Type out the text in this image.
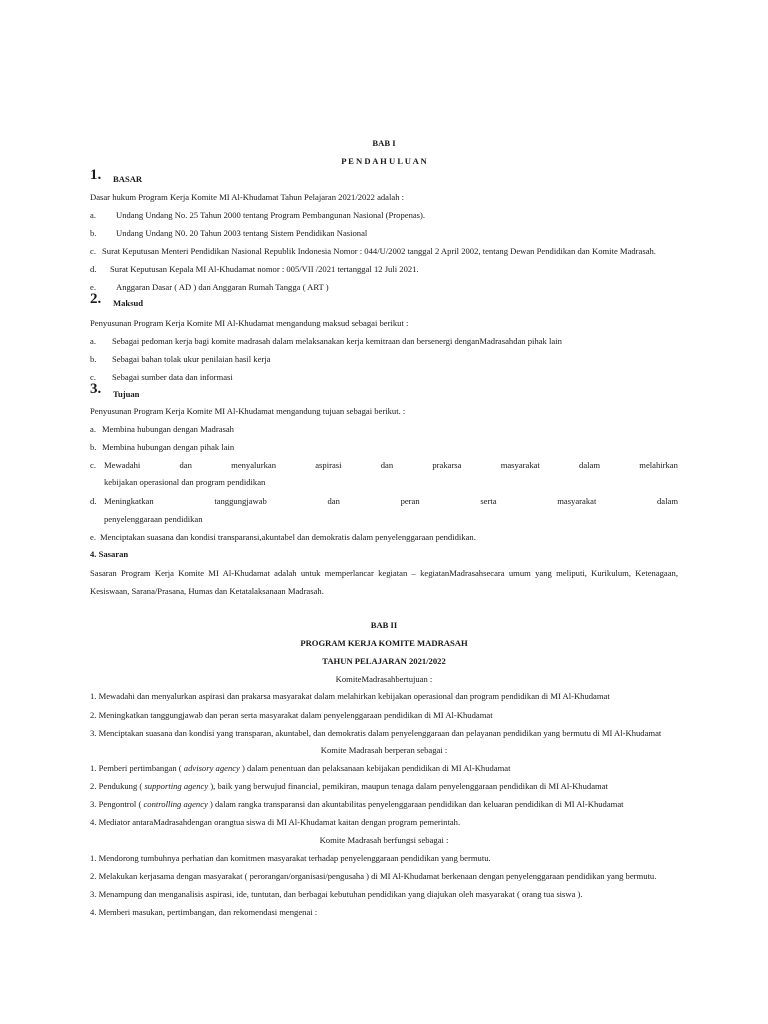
BAB I
P E N D A H U L U A N
1. BASAR
Dasar hukum Program Kerja Komite MI Al-Khudamat Tahun Pelajaran 2021/2022 adalah :
a. Undang Undang No. 25 Tahun 2000 tentang Program Pembangunan Nasional (Propenas).
b. Undang Undang N0. 20 Tahun 2003 tentang Sistem Pendidikan Nasional
c. Surat Keputusan Menteri Pendidikan Nasional Republik Indonesia Nomor : 044/U/2002 tanggal 2 April 2002, tentang Dewan Pendidikan dan Komite Madrasah.
d. Surat Keputusan Kepala MI Al-Khudamat nomor : 005/VII /2021 tertanggal 12 Juli 2021.
e. Anggaran Dasar ( AD ) dan Anggaran Rumah Tangga ( ART )
2. Maksud
Penyusunan Program Kerja Komite MI Al-Khudamat mengandung maksud sebagai berikut :
a. Sebagai pedoman kerja bagi komite madrasah dalam melaksanakan kerja kemitraan dan bersenergi denganMadrasahdan pihak lain
b. Sebagai bahan tolak ukur penilaian hasil kerja
c. Sebagai sumber data dan informasi
3. Tujuan
Penyusunan Program Kerja Komite MI Al-Khudamat mengandung tujuan sebagai berikut. :
a. Membina hubungan dengan Madrasah
b. Membina hubungan dengan pihak lain
c. Mewadahi	dan	menyalurkan	aspirasi	dan	prakarsa	masyarakat	dalam	melahirkan
kebijakan operasional dan program pendidikan
d. Meningkatkan	tanggungjawab	dan	peran	serta	masyarakat	dalam
penyelenggaraan pendidikan
e. Menciptakan suasana dan kondisi transparansi,akuntabel dan demokratis dalam penyelenggaraan pendidikan.
4. Sasaran
Sasaran Program Kerja Komite MI Al-Khudamat adalah untuk memperlancar kegiatan – kegiatanMadrasahsecara umum yang meliputi, Kurikulum, Ketenagaan,
Kesiswaan, Sarana/Prasana, Humas dan Ketatalaksanaan Madrasah.
BAB II
PROGRAM KERJA KOMITE MADRASAH
TAHUN PELAJARAN 2021/2022
KomiteMadrasahbertujuan :
1. Mewadahi dan menyalurkan aspirasi dan prakarsa masyarakat dalam melahirkan kebijakan operasional dan program pendidikan di MI Al-Khudamat
2. Meningkatkan tanggungjawab dan peran serta masyarakat dalam penyelenggaraan pendidikan di MI Al-Khudamat
3. Menciptakan suasana dan kondisi yang transparan, akuntabel, dan demokratis dalam penyelenggaraan dan pelayanan pendidikan yang bermutu di MI Al-Khudamat
Komite Madrasah berperan sebagai :
1. Pemberi pertimbangan ( advisory agency ) dalam penentuan dan pelaksanaan kebijakan pendidikan di MI Al-Khudamat
2. Pendukung ( supporting agency ), baik yang berwujud financial, pemikiran, maupun tenaga dalam penyelenggaraan pendidikan di MI Al-Khudamat
3. Pengontrol ( controlling agency ) dalam rangka transparansi dan akuntabilitas penyelenggaraan pendidikan dan keluaran pendidikan di MI Al-Khudamat
4. Mediator antaraMadrasahdengan orangtua siswa di MI Al-Khudamat kaitan dengan program pemerintah.
Komite Madrasah berfungsi sebagai :
1. Mendorong tumbuhnya perhatian dan komitmen masyarakat terhadap penyelenggaraan pendidikan yang bermutu.
2. Melakukan kerjasama dengan masyarakat ( perorangan/organisasi/pengusaha ) di MI Al-Khudamat berkenaan dengan penyelenggaraan pendidikan yang bermutu.
3. Menampung dan menganalisis aspirasi, ide, tuntutan, dan berbagai kebutuhan pendidikan yang diajukan oleh masyarakat ( orang tua siswa ).
4. Memberi masukan, pertimbangan, dan rekomendasi mengenai :
